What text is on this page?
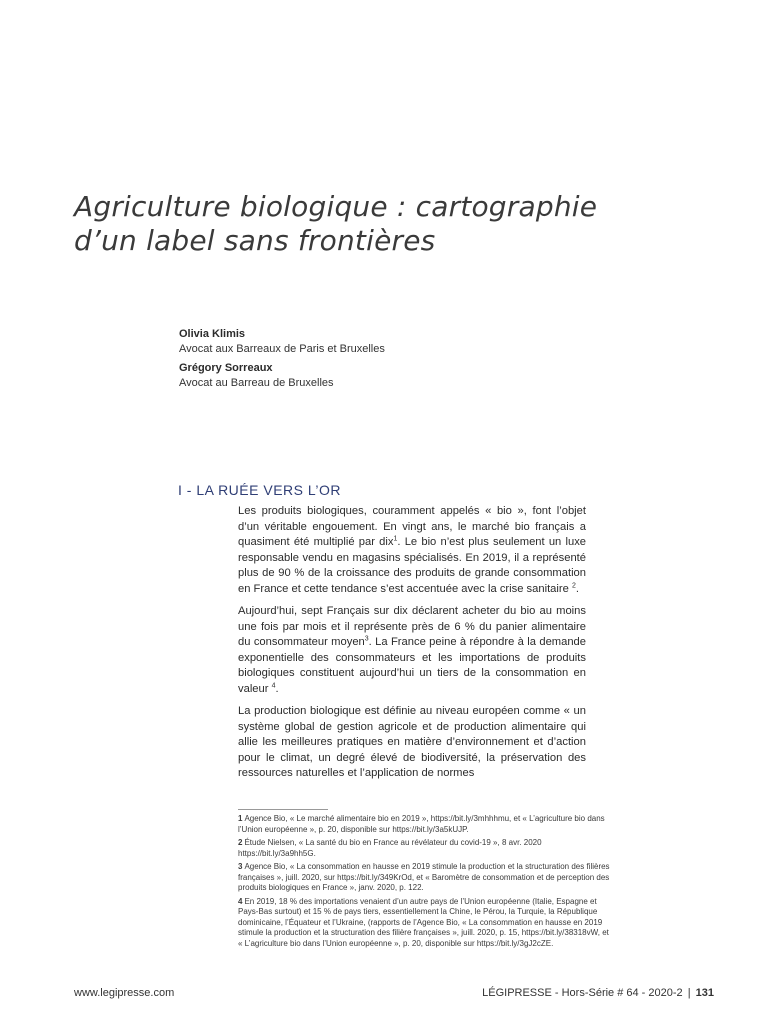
Agriculture biologique : cartographie
d’un label sans frontières
Olivia Klimis
Avocat aux Barreaux de Paris et Bruxelles
Grégory Sorreaux
Avocat au Barreau de Bruxelles
I - LA RUÉE VERS L’OR

Les produits biologiques, couramment appelés « bio », font l’objet d’un véritable engouement. En vingt ans, le marché bio français a quasiment été multiplié par dix$^1$. Le bio n’est plus seulement un luxe responsable vendu en magasins spécialisés. En 2019, il a représenté plus de 90 % de la croissance des produits de grande consommation en France et cette tendance s’est accentuée avec la crise sanitaire $^2$.

Aujourd’hui, sept Français sur dix déclarent acheter du bio au moins une fois par mois et il représente près de 6 % du panier alimentaire du consommateur moyen$^3$. La France peine à répondre à la demande exponentielle des consommateurs et les importations de produits biologiques constituent aujourd’hui un tiers de la consommation en valeur $^4$.

La production biologique est définie au niveau européen comme « un système global de gestion agricole et de production alimentaire qui allie les meilleures pratiques en matière d’environnement et d’action pour le climat, un degré élevé de biodiversité, la préservation des ressources naturelles et l’application de normes

1 Agence Bio, « Le marché alimentaire bio en 2019 », https://bit.ly/3mhhhmu, et « L’agriculture bio dans l’Union européenne », p. 20, disponible sur https://bit.ly/3a5kUJP.

2 Étude Nielsen, « La santé du bio en France au révélateur du covid-19 », 8 avr. 2020 https://bit.ly/3a9hh5G.

3 Agence Bio, « La consommation en hausse en 2019 stimule la production et la structuration des filières françaises », juill. 2020, sur https://bit.ly/349KrOd, et « Baromètre de consommation et de perception des produits biologiques en France », janv. 2020, p. 122.

4 En 2019, 18 % des importations venaient d’un autre pays de l’Union européenne (Italie, Espagne et Pays-Bas surtout) et 15 % de pays tiers, essentiellement la Chine, le Pérou, la Turquie, la République dominicaine, l’Équateur et l’Ukraine, (rapports de l’Agence Bio, « La consommation en hausse en 2019 stimule la production et la structuration des filière françaises », juill. 2020, p. 15, https://bit.ly/38318vW, et « L’agriculture bio dans l’Union européenne », p. 20, disponible sur https://bit.ly/3gJ2cZE.

www.legipresse.com	LÉGIPRESSE - Hors-Série # 64 - 2020-2 | 131
